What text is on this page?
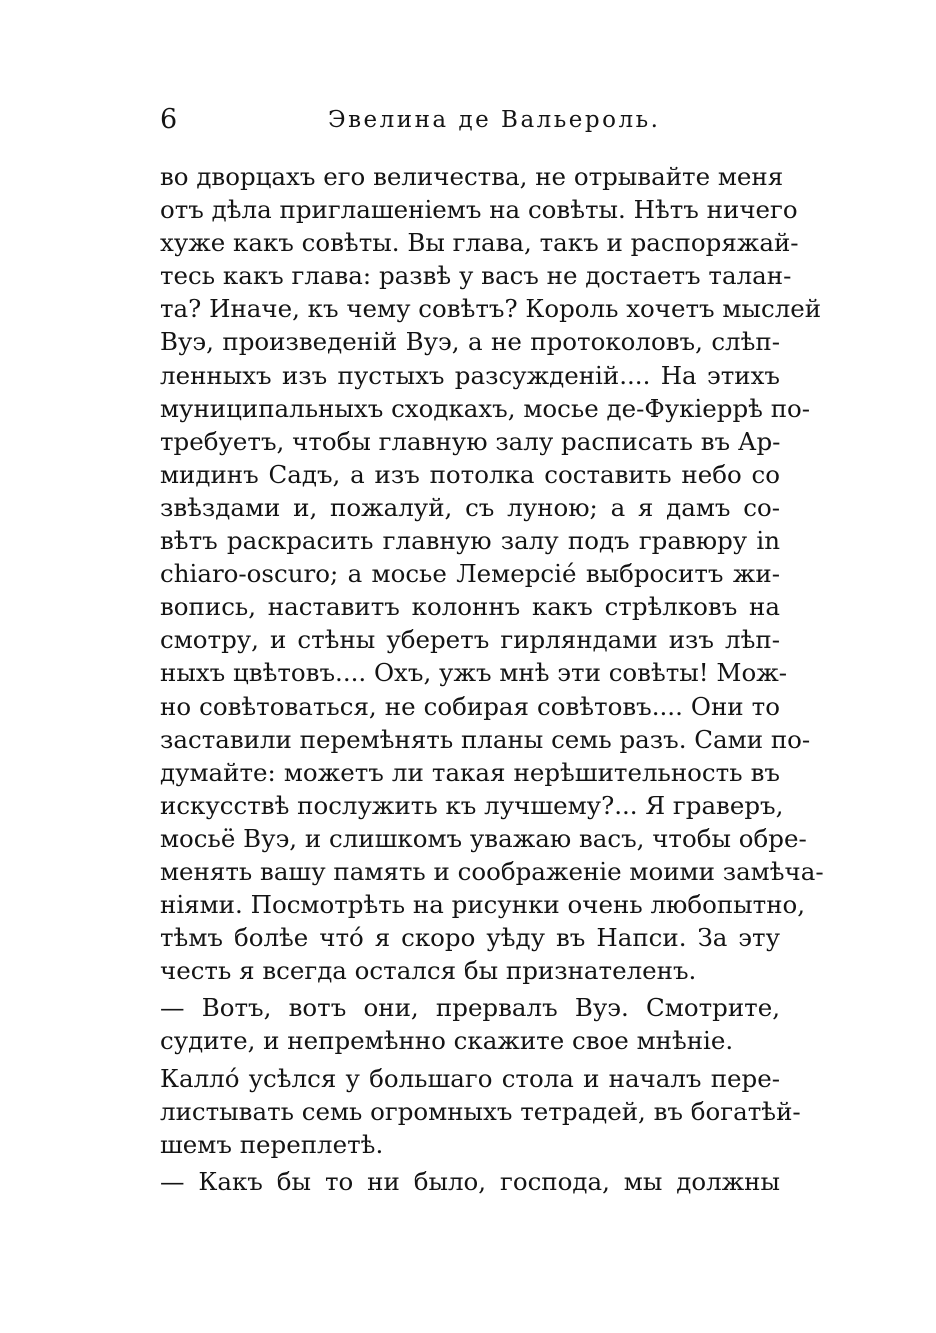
6	Эвелина де Вальероль.
во дворцахъ его величества, не отрывайте меня
отъ дѣла приглашеніемъ на совѣты. Нѣтъ ничего
хуже какъ совѣты. Вы глава, такъ и распоряжай-
тесь какъ глава: развѣ у васъ не достаетъ талан-
та? Иначе, къ чему совѣтъ? Король хочетъ мыслей
Вуэ, произведеній Вуэ, а не протоколовъ, слѣп-
ленныхъ изъ пустыхъ разсужденій.... На этихъ
муниципальныхъ сходкахъ, мосье де-Фукіеррѣ по-
требуетъ, чтобы главную залу расписать въ Ар-
мидинъ Садъ, а изъ потолка составить небо со
звѣздами и, пожалуй, съ луною; а я дамъ со-
вѣтъ раскрасить главную залу подъ гравюру in
chiaro-oscuro; а мосье Лемерсіé выброситъ жи-
вопись, наставитъ колоннъ какъ стрѣлковъ на
смотру, и стѣны уберетъ гирляндами изъ лѣп-
ныхъ цвѣтовъ.... Охъ, ужъ мнѣ эти совѣты! Мож-
но совѣтоваться, не собирая совѣтовъ.... Они то
заставили перемѣнять планы семь разъ. Сами по-
думайте: можетъ ли такая нерѣшительность въ
искусствѣ послужить къ лучшему?... Я граверъ,
мосьё Вуэ, и слишкомъ уважаю васъ, чтобы обре-
менять вашу память и соображеніе моими замѣча-
ніями. Посмотрѣть на рисунки очень любопытно,
тѣмъ болѣе чтó я скоро уѣду въ Напси. За эту
честь я всегда остался бы признателенъ.
— Вотъ, вотъ они, прервалъ Вуэ. Смотрите,
судите, и непремѣнно скажите свое мнѣніе.
Калло́ усѣлся у большаго стола и началъ пере-
листывать семь огромныхъ тетрадей, въ богатѣй-
шемъ переплетѣ.
— Какъ бы то ни было, господа, мы должны
